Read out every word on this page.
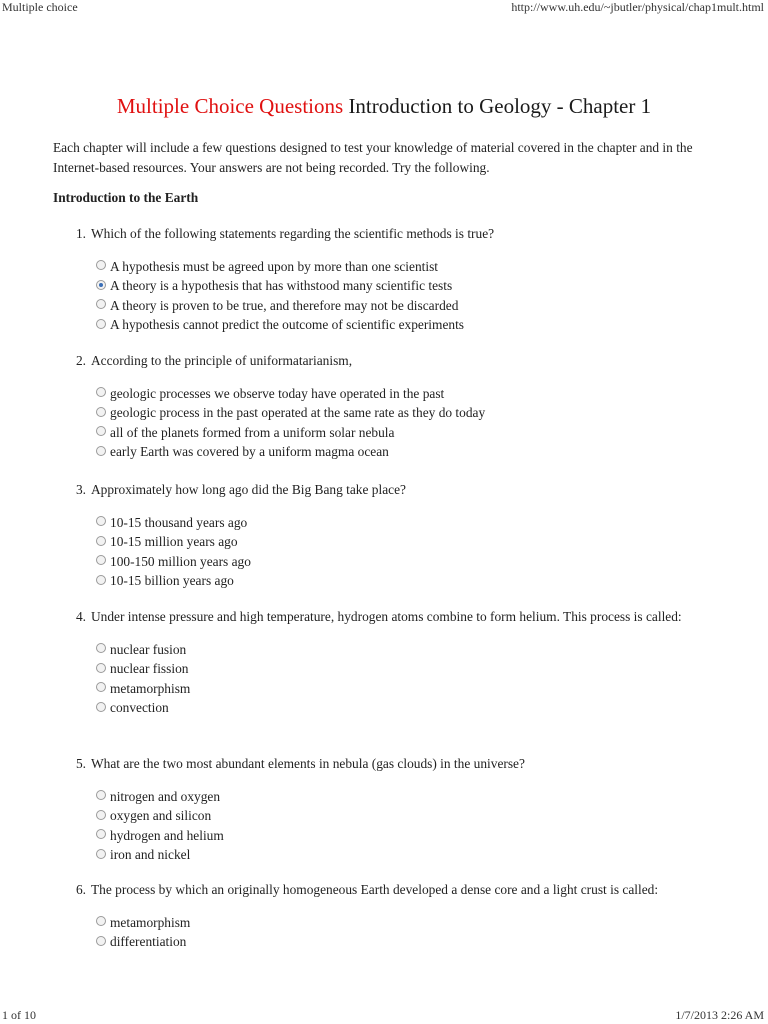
Multiple choice	http://www.uh.edu/~jbutler/physical/chap1mult.html
Multiple Choice Questions Introduction to Geology - Chapter 1
Each chapter will include a few questions designed to test your knowledge of material covered in the chapter and in the Internet-based resources. Your answers are not being recorded. Try the following.
Introduction to the Earth
1. Which of the following statements regarding the scientific methods is true?
A hypothesis must be agreed upon by more than one scientist
A theory is a hypothesis that has withstood many scientific tests
A theory is proven to be true, and therefore may not be discarded
A hypothesis cannot predict the outcome of scientific experiments
2. According to the principle of uniformatarianism,
geologic processes we observe today have operated in the past
geologic process in the past operated at the same rate as they do today
all of the planets formed from a uniform solar nebula
early Earth was covered by a uniform magma ocean
3. Approximately how long ago did the Big Bang take place?
10-15 thousand years ago
10-15 million years ago
100-150 million years ago
10-15 billion years ago
4. Under intense pressure and high temperature, hydrogen atoms combine to form helium. This process is called:
nuclear fusion
nuclear fission
metamorphism
convection
5. What are the two most abundant elements in nebula (gas clouds) in the universe?
nitrogen and oxygen
oxygen and silicon
hydrogen and helium
iron and nickel
6. The process by which an originally homogeneous Earth developed a dense core and a light crust is called:
metamorphism
differentiation
1 of 10	1/7/2013 2:26 AM
